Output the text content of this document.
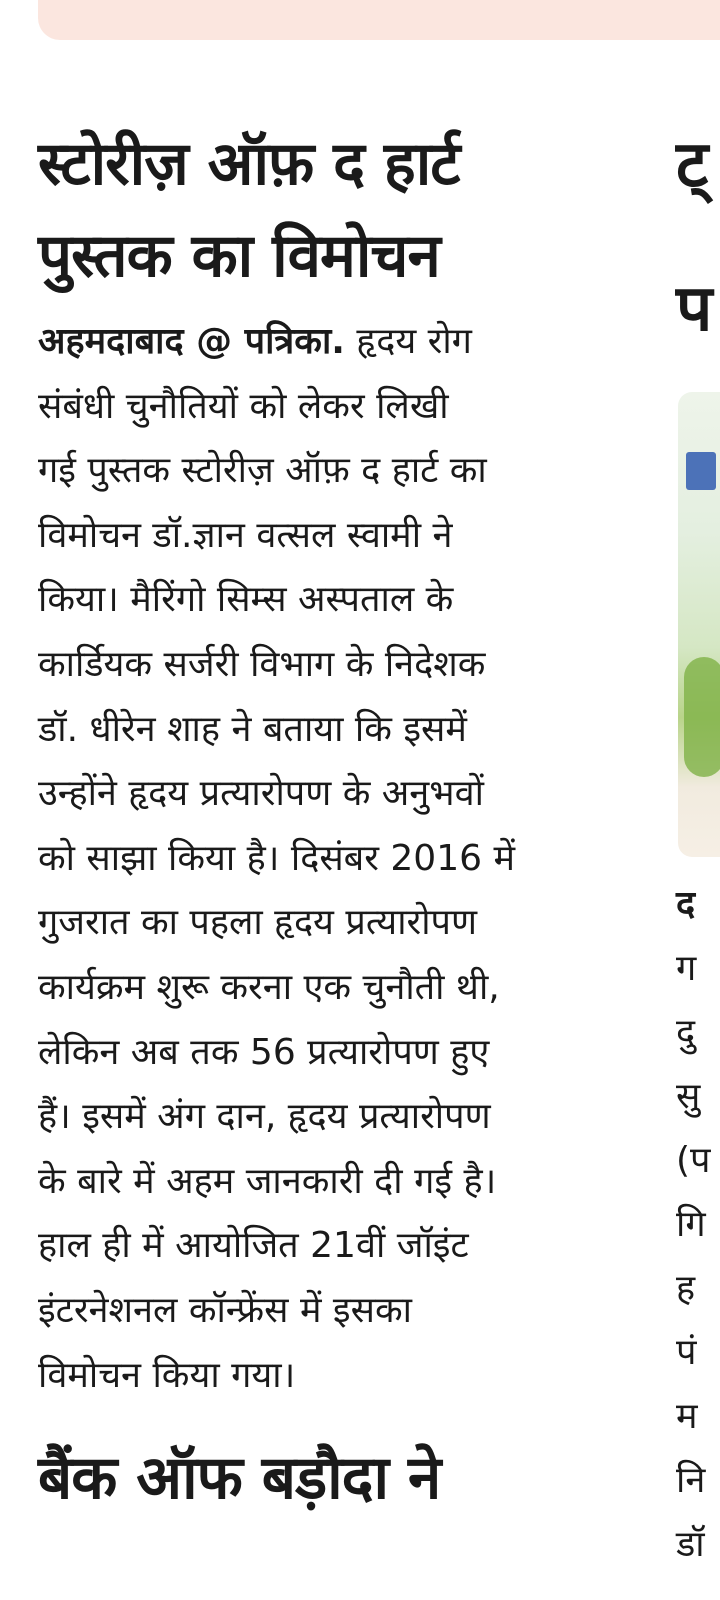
स्टोरीज़ ऑफ़ द हार्ट
पुस्तक का विमोचन

अहमदाबाद @ पत्रिका. हृदय रोग
संबंधी चुनौतियों को लेकर लिखी
गई पुस्तक स्टोरीज़ ऑफ़ द हार्ट का
विमोचन डॉ.ज्ञान वत्सल स्वामी ने
किया। मैरिंगो सिम्स अस्पताल के
कार्डियक सर्जरी विभाग के निदेशक
डॉ. धीरेन शाह ने बताया कि इसमें
उन्होंने हृदय प्रत्यारोपण के अनुभवों
को साझा किया है। दिसंबर 2016 में
गुजरात का पहला हृदय प्रत्यारोपण
कार्यक्रम शुरू करना एक चुनौती थी,
लेकिन अब तक 56 प्रत्यारोपण हुए
हैं। इसमें अंग दान, हृदय प्रत्यारोपण
के बारे में अहम जानकारी दी गई है।
हाल ही में आयोजित 21वीं जॉइंट
इंटरनेशनल कॉन्फ्रेंस में इसका
विमोचन किया गया।

बैंक ऑफ बड़ौदा ने
ट्
प
द
ग
दु
सु
(प
गि
ह
पं
म
नि
डॉ
